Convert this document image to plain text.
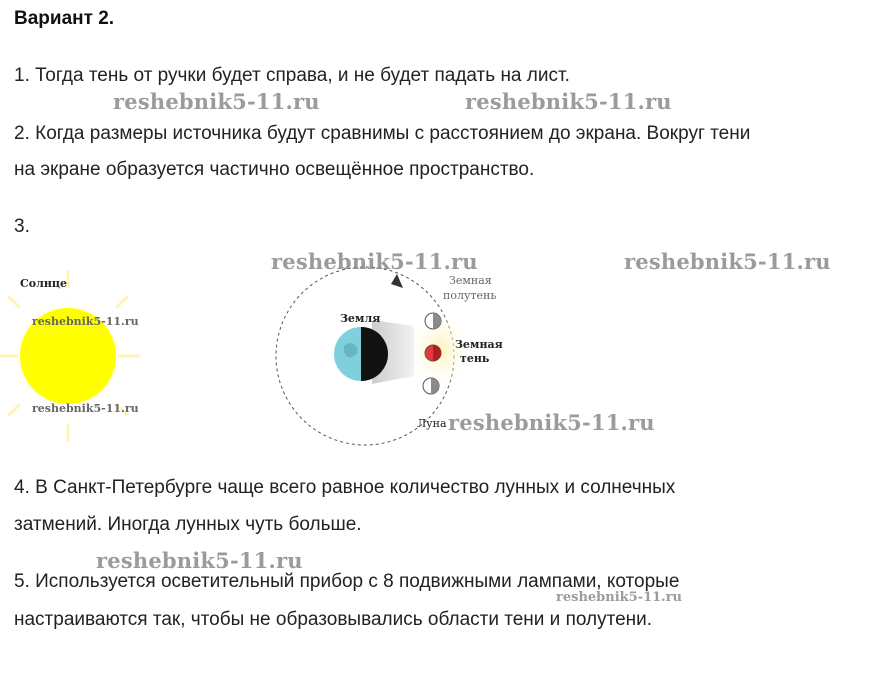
Вариант 2.
1. Тогда тень от ручки будет справа, и не будет падать на лист.
reshebnik5-11.ru	reshebnik5-11.ru
2. Когда размеры источника будут сравнимы с расстоянием до экрана. Вокруг тени
на экране образуется частично освещённое пространство.
3.
Солнце
reshebnik5-11.ru
reshebnik5-11.ru
Земля
Земная
полутень
Земная
тень
Луна
reshebnik5-11.ru	reshebnik5-11.ru
reshebnik5-11.ru
4. В Санкт-Петербурге чаще всего равное количество лунных и солнечных
затмений. Иногда лунных чуть больше.
reshebnik5-11.ru
5. Используется осветительный прибор с 8 подвижными лампами, которые
reshebnik5-11.ru
настраиваются так, чтобы не образовывались области тени и полутени.
